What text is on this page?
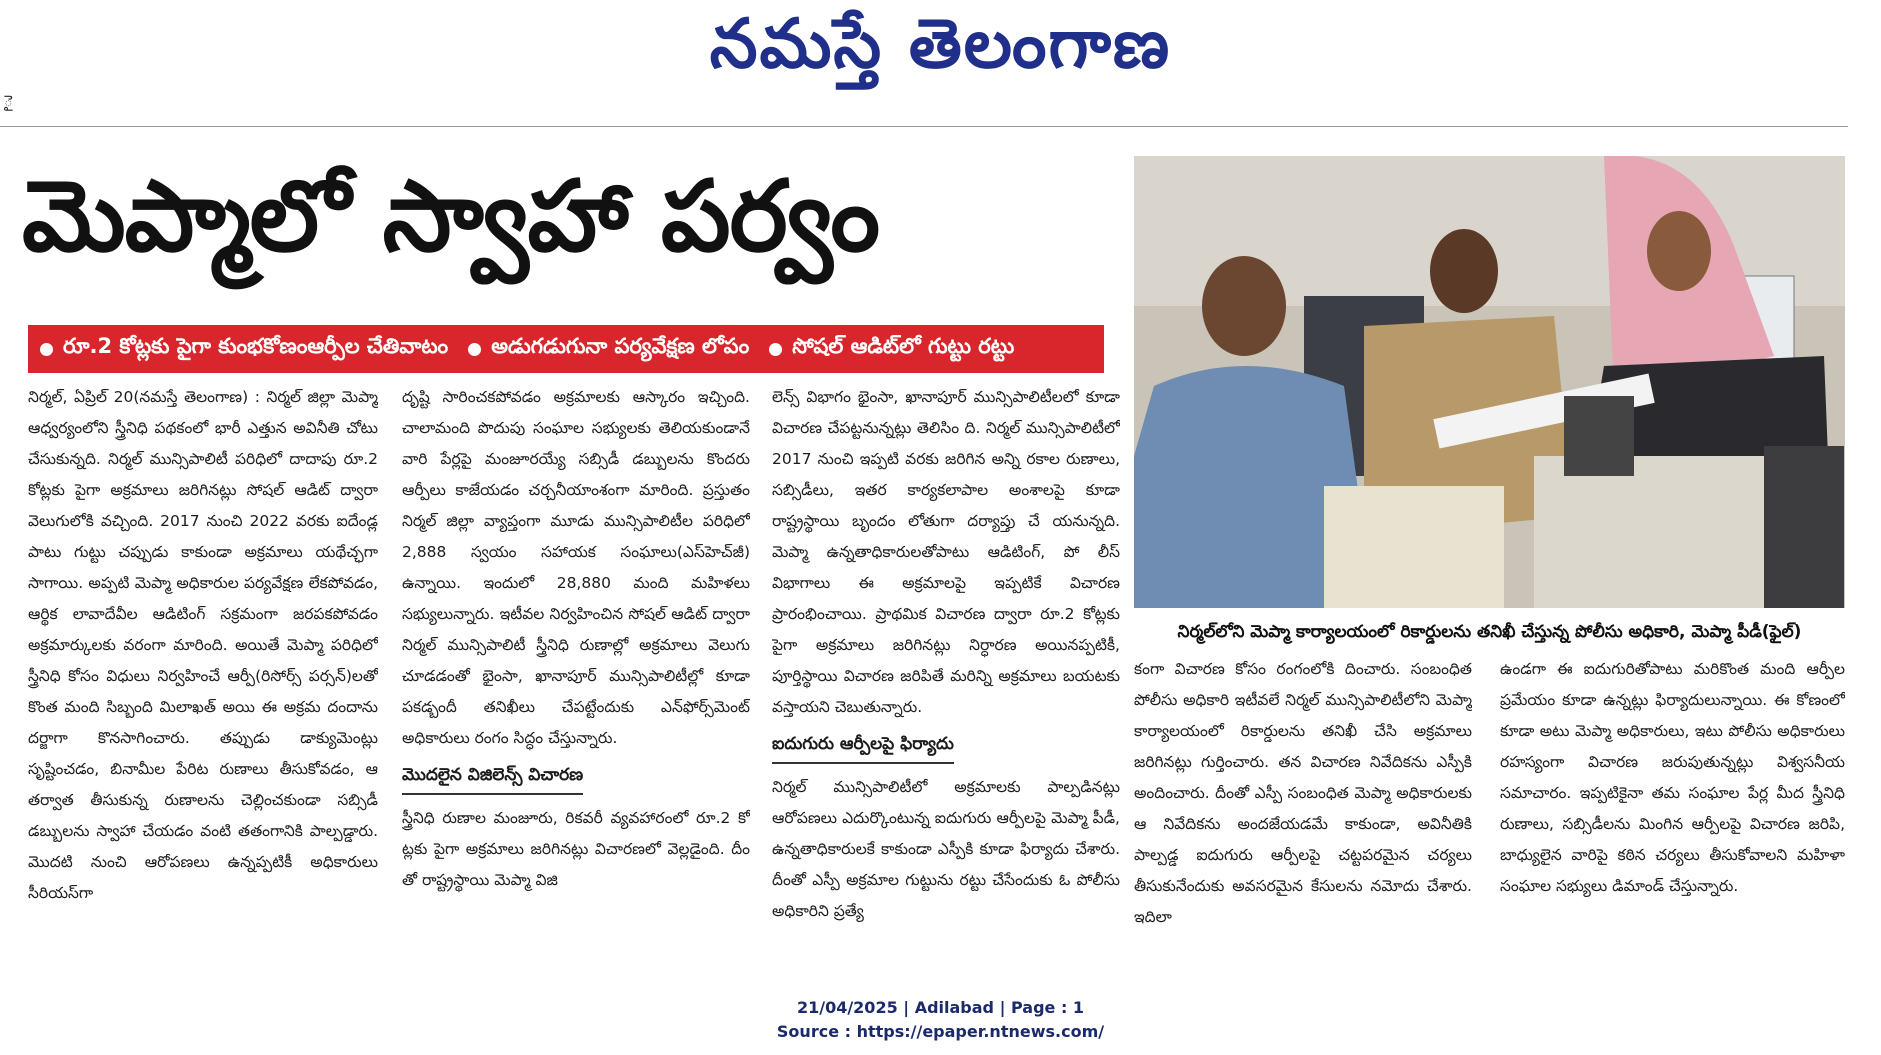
నమస్తే తెలంగాణ
ై
మెప్మాలో స్వాహా పర్వం
రూ.2 కోట్లకు పైగా కుంభకోణంఆర్పీల చేతివాటం అడుగడుగునా పర్యవేక్షణ లోపం సోషల్ ఆడిట్‌లో గుట్టు రట్టు

నిర్మల్, ఏప్రిల్ 20(నమస్తే తెలంగాణ) : నిర్మల్ జిల్లా మెప్మా ఆధ్వర్యంలోని స్త్రీనిధి పథకంలో భారీ ఎత్తున అవినీతి చోటు చేసుకున్నది. నిర్మల్ మున్సిపాలిటీ పరిధిలో దాదాపు రూ.2 కోట్లకు పైగా అక్రమాలు జరిగినట్లు సోషల్ ఆడిట్ ద్వారా వెలుగులోకి వచ్చింది. 2017 నుంచి 2022 వరకు ఐదేండ్ల పాటు గుట్టు చప్పుడు కాకుండా అక్రమాలు యథేచ్ఛగా సాగాయి. అప్పటి మెప్మా అధికారుల పర్యవేక్షణ లేకపోవడం, ఆర్థిక లావాదేవీల ఆడిటింగ్ సక్రమంగా జరపకపోవడం అక్రమార్కులకు వరంగా మారింది. అయితే మెప్మా పరిధిలో స్త్రీనిధి కోసం విధులు నిర్వహించే ఆర్పీ(రిసోర్స్ పర్సన్)లతో కొంత మంది సిబ్బంది మిలాఖత్ అయి ఈ అక్రమ దందాను దర్జాగా కొనసాగించారు. తప్పుడు డాక్యుమెంట్లు సృష్టించడం, బినామీల పేరిట రుణాలు తీసుకోవడం, ఆ తర్వాత తీసుకున్న రుణాలను చెల్లించకుండా సబ్సిడీ డబ్బులను స్వాహా చేయడం వంటి తతంగానికి పాల్పడ్డారు. మొదటి నుంచి ఆరోపణలు ఉన్నప్పటికీ అధికారులు సీరియస్‌గా

దృష్టి సారించకపోవడం అక్రమాలకు ఆస్కారం ఇచ్చింది. చాలామంది పొదుపు సంఘాల సభ్యులకు తెలియకుండానే వారి పేర్లపై మంజూరయ్యే సబ్సిడీ డబ్బులను కొందరు ఆర్పీలు కాజేయడం చర్చనీయాంశంగా మారింది. ప్రస్తుతం నిర్మల్ జిల్లా వ్యాప్తంగా మూడు మున్సిపాలిటీల పరిధిలో 2,888 స్వయం సహాయక సంఘాలు(ఎస్‌హెచ్‌జీ) ఉన్నాయి. ఇందులో 28,880 మంది మహిళలు సభ్యులున్నారు. ఇటీవల నిర్వహించిన సోషల్ ఆడిట్ ద్వారా నిర్మల్ మున్సిపాలిటీ స్త్రీనిధి రుణాల్లో అక్రమాలు వెలుగు చూడడంతో భైంసా, ఖానాపూర్ మున్సిపాలిటీల్లో కూడా పకడ్బందీ తనిఖీలు చేపట్టేందుకు ఎన్‌ఫోర్స్‌మెంట్ అధికారులు రంగం సిద్ధం చేస్తున్నారు.

మొదలైన విజిలెన్స్ విచారణ

స్త్రీనిధి రుణాల మంజూరు, రికవరీ వ్యవహారంలో రూ.2 కో ట్లకు పైగా అక్రమాలు జరిగినట్లు విచారణలో వెల్లడైంది. దీం తో రాష్ట్రస్థాయి మెప్మా విజి

లెన్స్ విభాగం భైంసా, ఖానాపూర్ మున్సిపాలిటీలలో కూడా విచారణ చేపట్టనున్నట్లు తెలిసిం ది. నిర్మల్ మున్సిపాలిటీలో 2017 నుంచి ఇప్పటి వరకు జరిగిన అన్ని రకాల రుణాలు, సబ్సిడీలు, ఇతర కార్యకలాపాల అంశాలపై కూడా రాష్ట్రస్థాయి బృందం లోతుగా దర్యాప్తు చే యనున్నది. మెప్మా ఉన్నతాధికారులతోపాటు ఆడిటింగ్, పో లీస్ విభాగాలు ఈ అక్రమాలపై ఇప్పటికే విచారణ ప్రారంభించాయి. ప్రాథమిక విచారణ ద్వారా రూ.2 కోట్లకు పైగా అక్రమాలు జరిగినట్లు నిర్ధారణ అయినప్పటికీ, పూర్తిస్థాయి విచారణ జరిపితే మరిన్ని అక్రమాలు బయటకు వస్తాయని చెబుతున్నారు.

ఐదుగురు ఆర్పీలపై ఫిర్యాదు

నిర్మల్ మున్సిపాలిటీలో అక్రమాలకు పాల్పడినట్లు ఆరోపణలు ఎదుర్కొంటున్న ఐదుగురు ఆర్పీలపై మెప్మా పీడీ, ఉన్నతాధికారులకే కాకుండా ఎస్పీకి కూడా ఫిర్యాదు చేశారు. దీంతో ఎస్పీ అక్రమాల గుట్టును రట్టు చేసేందుకు ఓ పోలీసు అధికారిని ప్రత్యే

నిర్మల్‌లోని మెప్మా కార్యాలయంలో రికార్డులను తనిఖీ చేస్తున్న పోలీసు అధికారి, మెప్మా పీడీ(ఫైల్)

కంగా విచారణ కోసం రంగంలోకి దించారు. సంబంధిత పోలీసు అధికారి ఇటీవలే నిర్మల్ మున్సిపాలిటీలోని మెప్మా కార్యాలయంలో రికార్డులను తనిఖీ చేసి అక్రమాలు జరిగినట్లు గుర్తించారు. తన విచారణ నివేదికను ఎస్పీకి అందించారు. దీంతో ఎస్పీ సంబంధిత మెప్మా అధికారులకు ఆ నివేదికను అందజేయడమే కాకుండా, అవినీతికి పాల్పడ్డ ఐదుగురు ఆర్పీలపై చట్టపరమైన చర్యలు తీసుకునేందుకు అవసరమైన కేసులను నమోదు చేశారు. ఇదిలా

ఉండగా ఈ ఐదుగురితోపాటు మరికొంత మంది ఆర్పీల ప్రమేయం కూడా ఉన్నట్లు ఫిర్యాదులున్నాయి. ఈ కోణంలో కూడా అటు మెప్మా అధికారులు, ఇటు పోలీసు అధికారులు రహస్యంగా విచారణ జరుపుతున్నట్లు విశ్వసనీయ సమాచారం. ఇప్పటికైనా తమ సంఘాల పేర్ల మీద స్త్రీనిధి రుణాలు, సబ్సిడీలను మింగిన ఆర్పీలపై విచారణ జరిపి, బాధ్యులైన వారిపై కఠిన చర్యలు తీసుకోవాలని మహిళా సంఘాల సభ్యులు డిమాండ్ చేస్తున్నారు.

21/04/2025 | Adilabad | Page : 1
Source : https://epaper.ntnews.com/
